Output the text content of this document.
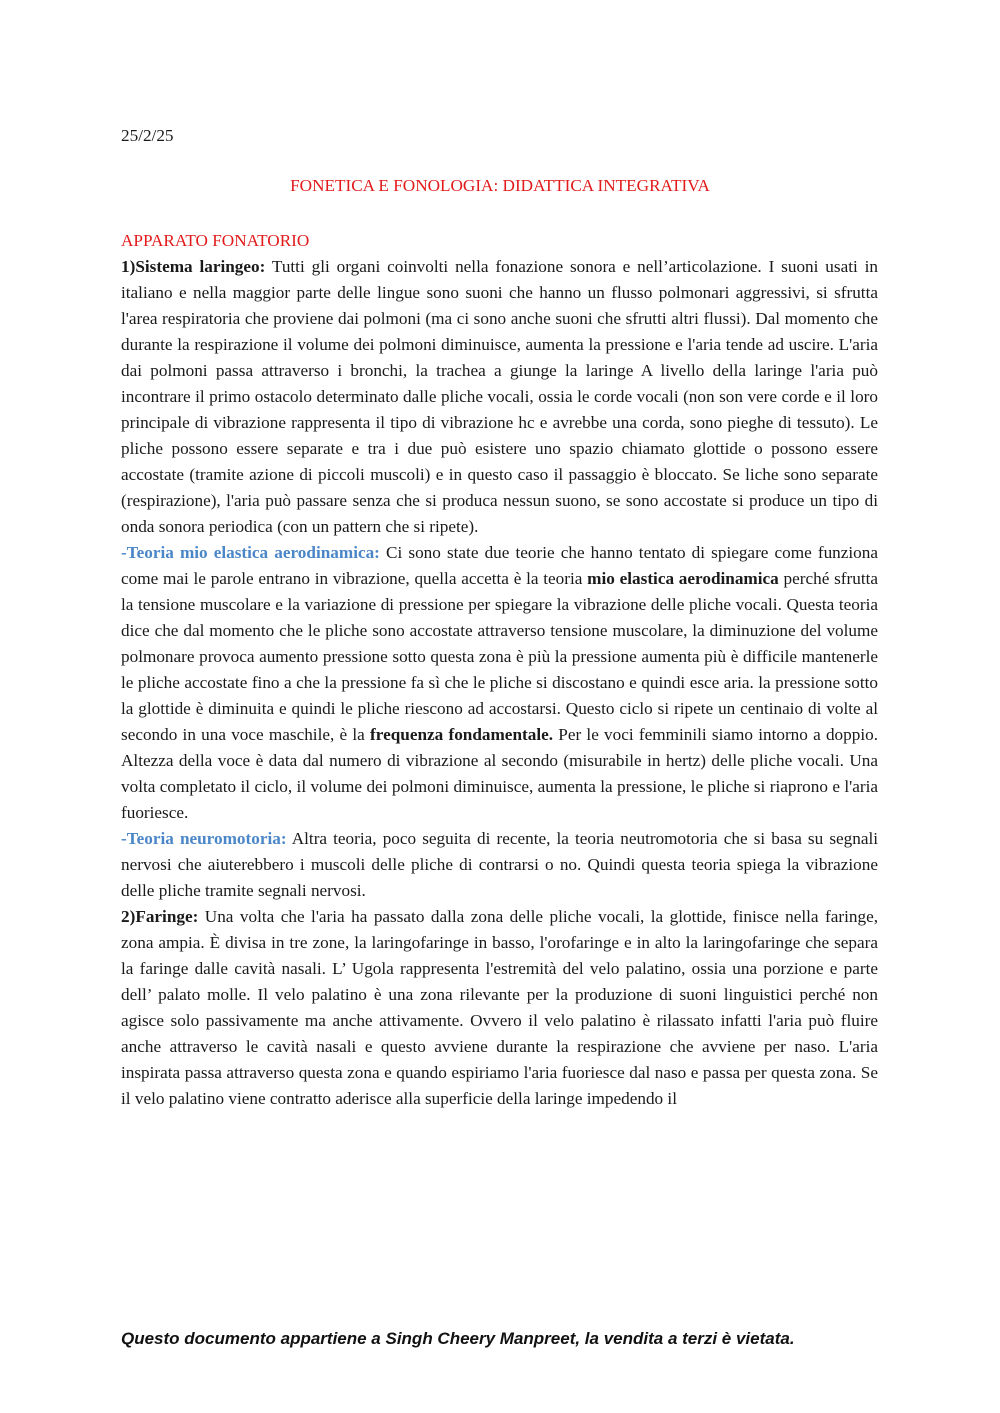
25/2/25
FONETICA E FONOLOGIA: DIDATTICA INTEGRATIVA

APPARATO FONATORIO

1)Sistema laringeo: Tutti gli organi coinvolti nella fonazione sonora e nell’articolazione. I suoni usati in italiano e nella maggior parte delle lingue sono suoni che hanno un flusso polmonari aggressivi, si sfrutta l'area respiratoria che proviene dai polmoni (ma ci sono anche suoni che sfrutti altri flussi). Dal momento che durante la respirazione il volume dei polmoni diminuisce, aumenta la pressione e l'aria tende ad uscire. L'aria dai polmoni passa attraverso i bronchi, la trachea a giunge la laringe A livello della laringe l'aria può incontrare il primo ostacolo determinato dalle pliche vocali, ossia le corde vocali (non son vere corde e il loro principale di vibrazione rappresenta il tipo di vibrazione hc e avrebbe una corda, sono pieghe di tessuto). Le pliche possono essere separate e tra i due può esistere uno spazio chiamato glottide o possono essere accostate (tramite azione di piccoli muscoli) e in questo caso il passaggio è bloccato. Se liche sono separate (respirazione), l'aria può passare senza che si produca nessun suono, se sono accostate si produce un tipo di onda sonora periodica (con un pattern che si ripete).

-Teoria mio elastica aerodinamica: Ci sono state due teorie che hanno tentato di spiegare come funziona come mai le parole entrano in vibrazione, quella accetta è la teoria mio elastica aerodinamica perché sfrutta la tensione muscolare e la variazione di pressione per spiegare la vibrazione delle pliche vocali. Questa teoria dice che dal momento che le pliche sono accostate attraverso tensione muscolare, la diminuzione del volume polmonare provoca aumento pressione sotto questa zona è più la pressione aumenta più è difficile mantenerle le pliche accostate fino a che la pressione fa sì che le pliche si discostano e quindi esce aria. la pressione sotto la glottide è diminuita e quindi le pliche riescono ad accostarsi. Questo ciclo si ripete un centinaio di volte al secondo in una voce maschile, è la frequenza fondamentale. Per le voci femminili siamo intorno a doppio. Altezza della voce è data dal numero di vibrazione al secondo (misurabile in hertz) delle pliche vocali. Una volta completato il ciclo, il volume dei polmoni diminuisce, aumenta la pressione, le pliche si riaprono e l'aria fuoriesce.

-Teoria neuromotoria: Altra teoria, poco seguita di recente, la teoria neutromotoria che si basa su segnali nervosi che aiuterebbero i muscoli delle pliche di contrarsi o no. Quindi questa teoria spiega la vibrazione delle pliche tramite segnali nervosi.

2)Faringe: Una volta che l'aria ha passato dalla zona delle pliche vocali, la glottide, finisce nella faringe, zona ampia. È divisa in tre zone, la laringofaringe in basso, l'orofaringe e in alto la laringofaringe che separa la faringe dalle cavità nasali. L’ Ugola rappresenta l'estremità del velo palatino, ossia una porzione e parte dell’ palato molle. Il velo palatino è una zona rilevante per la produzione di suoni linguistici perché non agisce solo passivamente ma anche attivamente. Ovvero il velo palatino è rilassato infatti l'aria può fluire anche attraverso le cavità nasali e questo avviene durante la respirazione che avviene per naso. L'aria inspirata passa attraverso questa zona e quando espiriamo l'aria fuoriesce dal naso e passa per questa zona. Se il velo palatino viene contratto aderisce alla superficie della laringe impedendo il

Questo documento appartiene a Singh Cheery Manpreet, la vendita a terzi è vietata.
